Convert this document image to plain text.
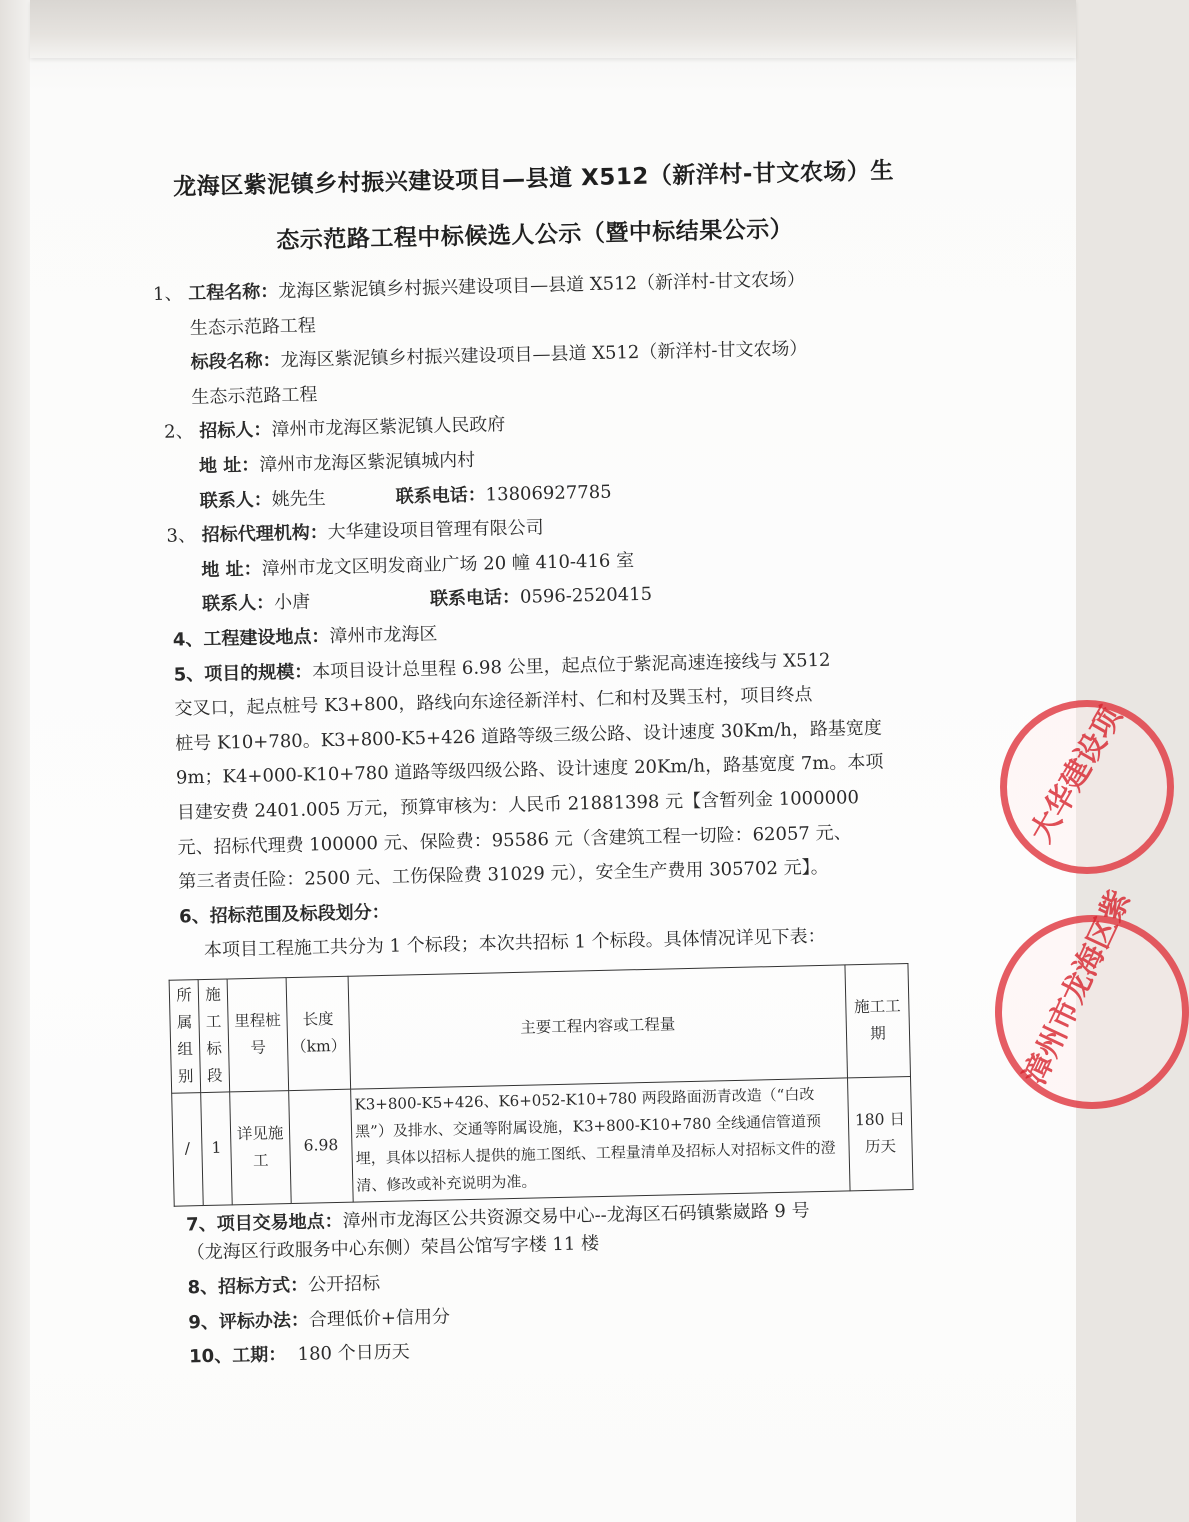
龙海区紫泥镇乡村振兴建设项目—县道 X512（新洋村-甘文农场）生
态示范路工程中标候选人公示（暨中标结果公示）
1、 工程名称：龙海区紫泥镇乡村振兴建设项目—县道 X512（新洋村-甘文农场）
生态示范路工程
标段名称：龙海区紫泥镇乡村振兴建设项目—县道 X512（新洋村-甘文农场）
生态示范路工程
2、 招标人：漳州市龙海区紫泥镇人民政府
地 址：漳州市龙海区紫泥镇城内村
联系人：姚先生	联系电话：13806927785
3、 招标代理机构：大华建设项目管理有限公司
地 址：漳州市龙文区明发商业广场 20 幢 410-416 室
联系人：小唐	联系电话：0596-2520415
4、工程建设地点：漳州市龙海区
5、项目的规模：本项目设计总里程 6.98 公里，起点位于紫泥高速连接线与 X512
交叉口，起点桩号 K3+800，路线向东途径新洋村、仁和村及巽玉村，项目终点
桩号 K10+780。K3+800-K5+426 道路等级三级公路、设计速度 30Km/h，路基宽度
9m；K4+000-K10+780 道路等级四级公路、设计速度 20Km/h，路基宽度 7m。本项
目建安费 2401.005 万元，预算审核为：人民币 21881398 元【含暂列金 1000000
元、招标代理费 100000 元、保险费：95586 元（含建筑工程一切险：62057 元、
第三者责任险：2500 元、工伤保险费 31029 元），安全生产费用 305702 元】。
6、招标范围及标段划分：
本项目工程施工共分为 1 个标段；本次共招标 1 个标段。具体情况详见下表：
所属组别	施工标段	里程桩号	长度（km）	主要工程内容或工程量	施工工期
/	1	详见施工	6.98	K3+800-K5+426、K6+052-K10+780 两段路面沥青改造（“白改黑”）及排水、交通等附属设施，K3+800-K10+780 全线通信管道预埋，具体以招标人提供的施工图纸、工程量清单及招标人对招标文件的澄清、修改或补充说明为准。	180 日历天
7、项目交易地点：漳州市龙海区公共资源交易中心--龙海区石码镇紫崴路 9 号
（龙海区行政服务中心东侧）荣昌公馆写字楼 11 楼
8、招标方式：公开招标
9、评标办法：合理低价+信用分
10、工期： 180 个日历天
大华建设项
漳州市龙海区紫
